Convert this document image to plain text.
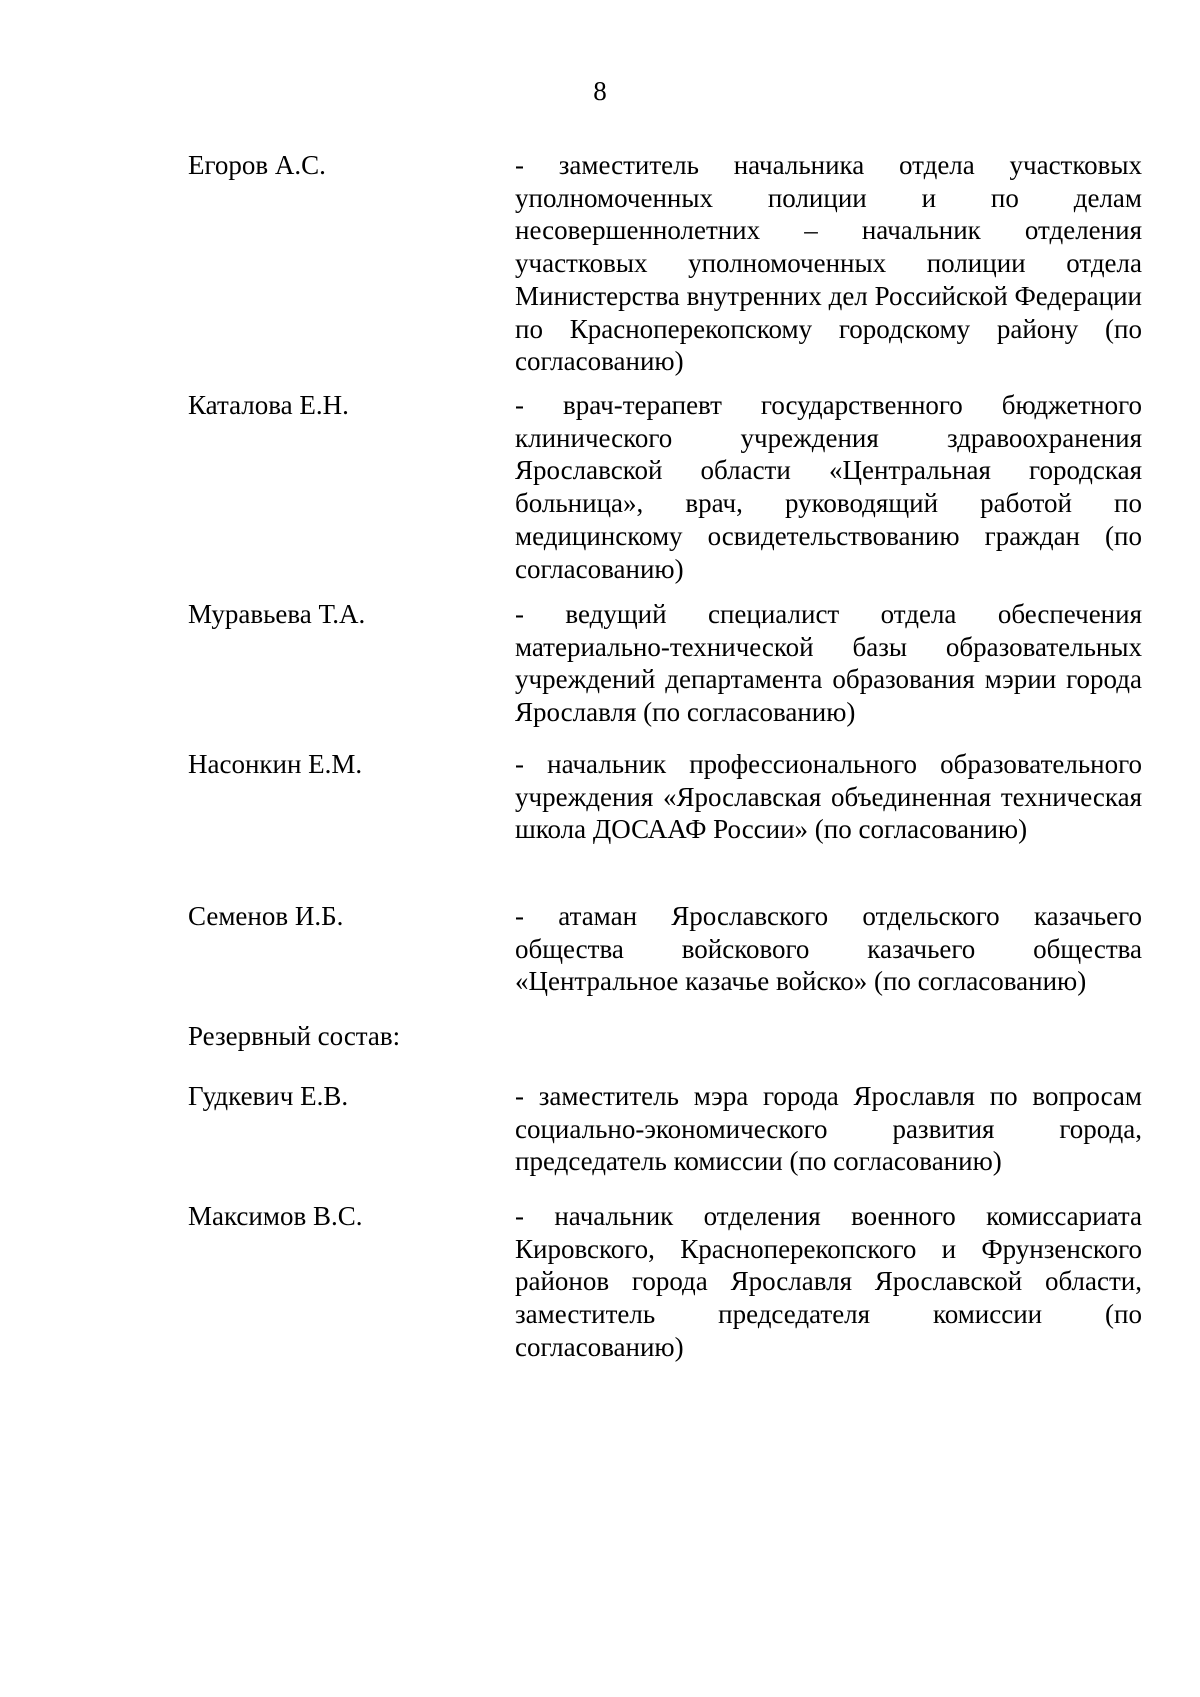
8
Егоров А.С.	- заместитель начальника отдела участковых уполномоченных полиции и по делам несовершеннолетних – начальник отделения участковых уполномоченных полиции отдела Министерства внутренних дел Российской Федерации по Красноперекопскому городскому району (по согласованию)
Каталова Е.Н.	- врач-терапевт государственного бюджетного клинического учреждения здравоохранения Ярославской области «Центральная городская больница», врач, руководящий работой по медицинскому освидетельствованию граждан (по согласованию)
Муравьева Т.А.	- ведущий специалист отдела обеспечения материально-технической базы образовательных учреждений департамента образования мэрии города Ярославля (по согласованию)
Насонкин Е.М.	- начальник профессионального образовательного учреждения «Ярославская объединенная техническая школа ДОСААФ России» (по согласованию)
Семенов И.Б.	- атаман Ярославского отдельского казачьего общества войскового казачьего общества «Центральное казачье войско» (по согласованию)
Резервный состав:
Гудкевич Е.В.	- заместитель мэра города Ярославля по вопросам социально-экономического развития города, председатель комиссии (по согласованию)
Максимов В.С.	- начальник отделения военного комиссариата Кировского, Красноперекопского и Фрунзенского районов города Ярославля Ярославской области, заместитель председателя комиссии (по согласованию)
